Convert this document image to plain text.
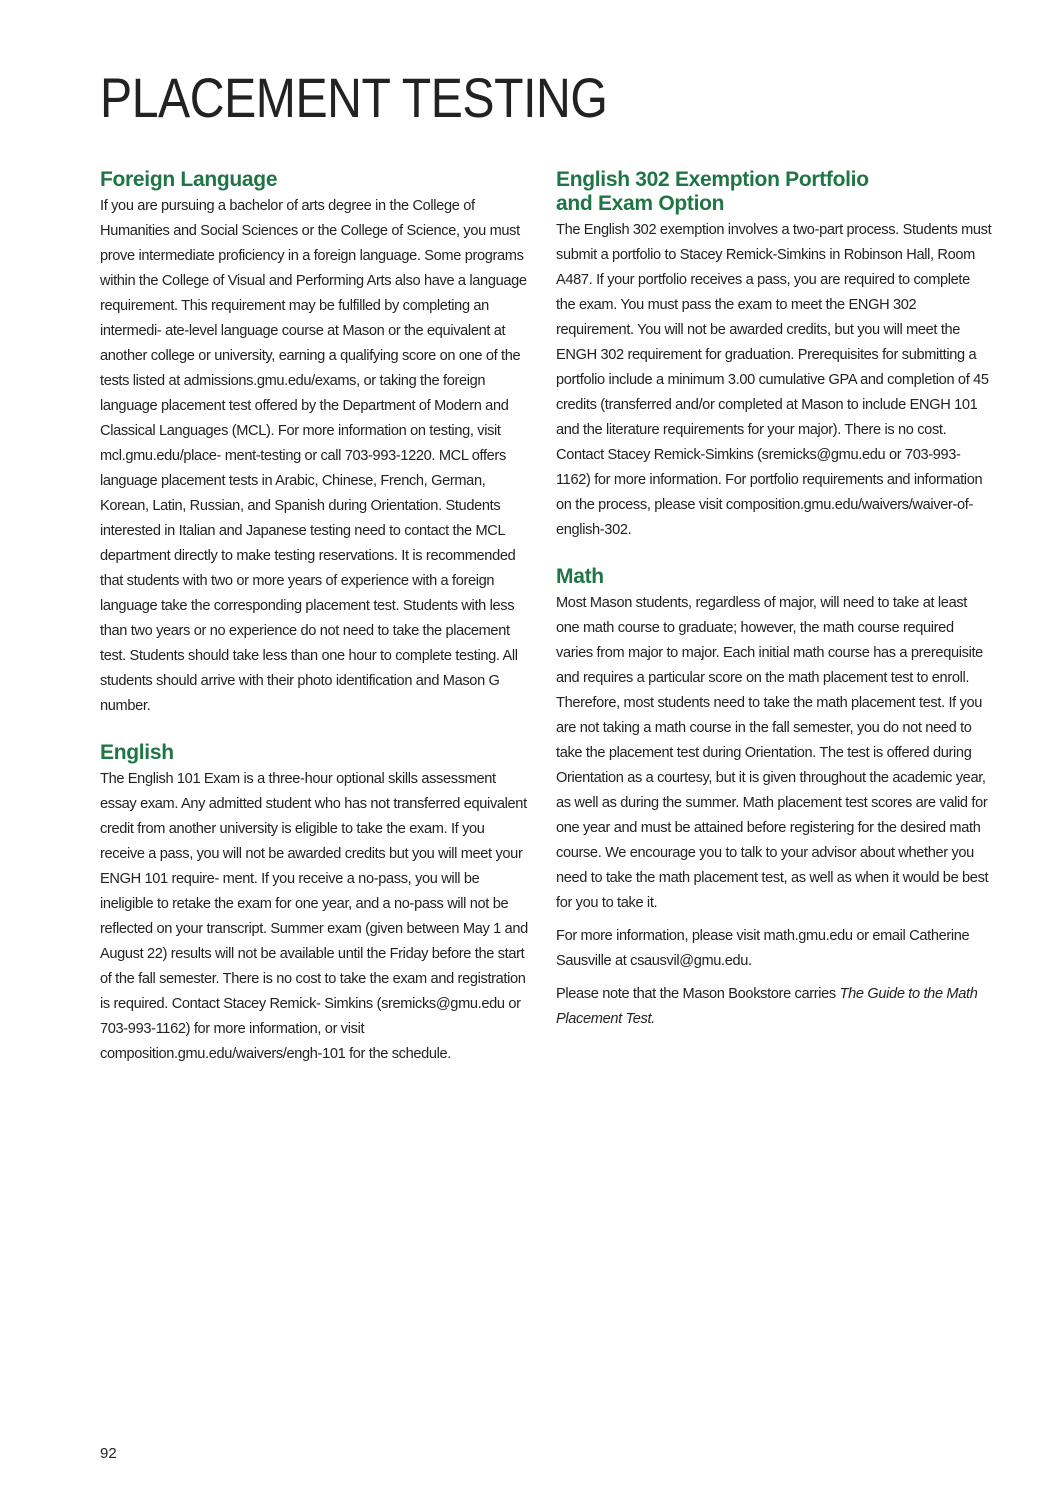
PLACEMENT TESTING
Foreign Language

If you are pursuing a bachelor of arts degree in the College of Humanities and Social Sciences or the College of Science, you must prove intermediate proficiency in a foreign language. Some programs within the College of Visual and Performing Arts also have a language requirement. This requirement may be fulfilled by completing an intermedi- ate-level language course at Mason or the equivalent at another college or university, earning a qualifying score on one of the tests listed at admissions.gmu.edu/exams, or taking the foreign language placement test offered by the Department of Modern and Classical Languages (MCL). For more information on testing, visit mcl.gmu.edu/place- ment-testing or call 703-993-1220. MCL offers language placement tests in Arabic, Chinese, French, German, Korean, Latin, Russian, and Spanish during Orientation. Students interested in Italian and Japanese testing need to contact the MCL department directly to make testing reservations. It is recommended that students with two or more years of experience with a foreign language take the corresponding placement test. Students with less than two years or no experience do not need to take the placement test. Students should take less than one hour to complete testing. All students should arrive with their photo identification and Mason G number.

English

The English 101 Exam is a three-hour optional skills assessment essay exam. Any admitted student who has not transferred equivalent credit from another university is eligible to take the exam. If you receive a pass, you will not be awarded credits but you will meet your ENGH 101 require- ment. If you receive a no-pass, you will be ineligible to retake the exam for one year, and a no-pass will not be reflected on your transcript. Summer exam (given between May 1 and August 22) results will not be available until the Friday before the start of the fall semester. There is no cost to take the exam and registration is required. Contact Stacey Remick- Simkins (sremicks@gmu.edu or 703-993-1162) for more information, or visit composition.gmu.edu/waivers/engh-101 for the schedule.

English 302 Exemption Portfolio
and Exam Option

The English 302 exemption involves a two-part process. Students must submit a portfolio to Stacey Remick-Simkins in Robinson Hall, Room A487. If your portfolio receives a pass, you are required to complete the exam. You must pass the exam to meet the ENGH 302 requirement. You will not be awarded credits, but you will meet the ENGH 302 requirement for graduation. Prerequisites for submitting a portfolio include a minimum 3.00 cumulative GPA and completion of 45 credits (transferred and/or completed at Mason to include ENGH 101 and the literature requirements for your major). There is no cost. Contact Stacey Remick-Simkins (sremicks@gmu.edu or 703-993-1162) for more information. For portfolio requirements and information on the process, please visit composition.gmu.edu/waivers/waiver-of-english-302.

Math

Most Mason students, regardless of major, will need to take at least one math course to graduate; however, the math course required varies from major to major. Each initial math course has a prerequisite and requires a particular score on the math placement test to enroll. Therefore, most students need to take the math placement test. If you are not taking a math course in the fall semester, you do not need to take the placement test during Orientation. The test is offered during Orientation as a courtesy, but it is given throughout the academic year, as well as during the summer. Math placement test scores are valid for one year and must be attained before registering for the desired math course. We encourage you to talk to your advisor about whether you need to take the math placement test, as well as when it would be best for you to take it.

For more information, please visit math.gmu.edu or email Catherine Sausville at csausvil@gmu.edu.

Please note that the Mason Bookstore carries The Guide to the Math Placement Test.

92
